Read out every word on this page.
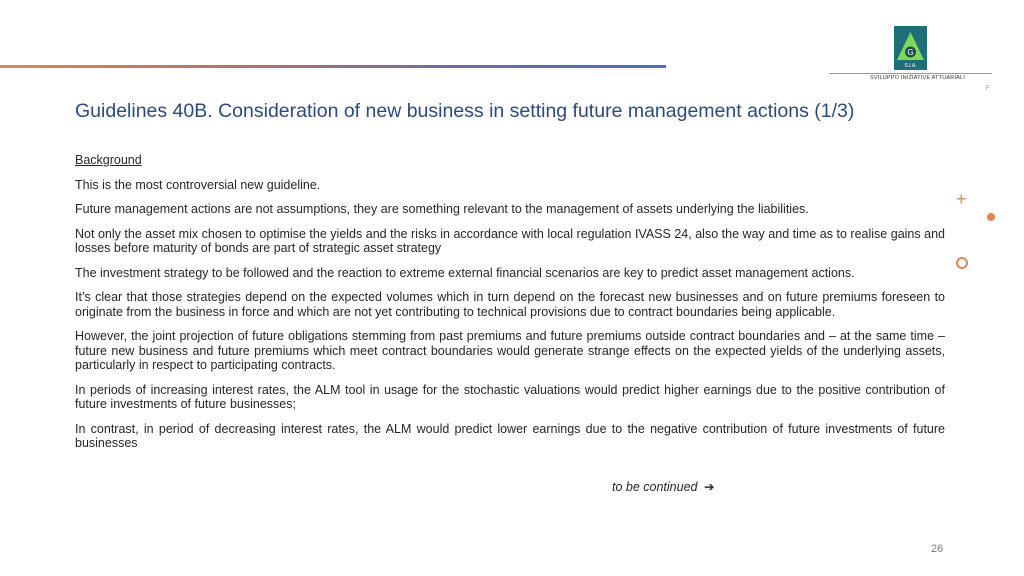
G
S.I.A.
SVILUPPO INIZIATIVE ATTUARIALI
F
Guidelines 40B. Consideration of new business in setting future management actions (1/3)

Background

This is the most controversial new guideline.

Future management actions are not assumptions, they are something relevant to the management of assets underlying the liabilities.

Not only the asset mix chosen to optimise the yields and the risks in accordance with local regulation IVASS 24, also the way and time as to realise gains and losses before maturity of bonds are part of strategic asset strategy

The investment strategy to be followed and the reaction to extreme external financial scenarios are key to predict asset management actions.

It’s clear that those strategies depend on the expected volumes which in turn depend on the forecast new businesses and on future premiums foreseen to originate from the business in force and which are not yet contributing to technical provisions due to contract boundaries being applicable.

However, the joint projection of future obligations stemming from past premiums and future premiums outside contract boundaries and – at the same time – future new business and future premiums which meet contract boundaries would generate strange effects on the expected yields of the underlying assets, particularly in respect to participating contracts.

In periods of increasing interest rates, the ALM tool in usage for the stochastic valuations would predict higher earnings due to the positive contribution of future investments of future businesses;

In contrast, in period of decreasing interest rates, the ALM would predict lower earnings due to the negative contribution of future investments of future businesses

to be continued ➔
+
26
